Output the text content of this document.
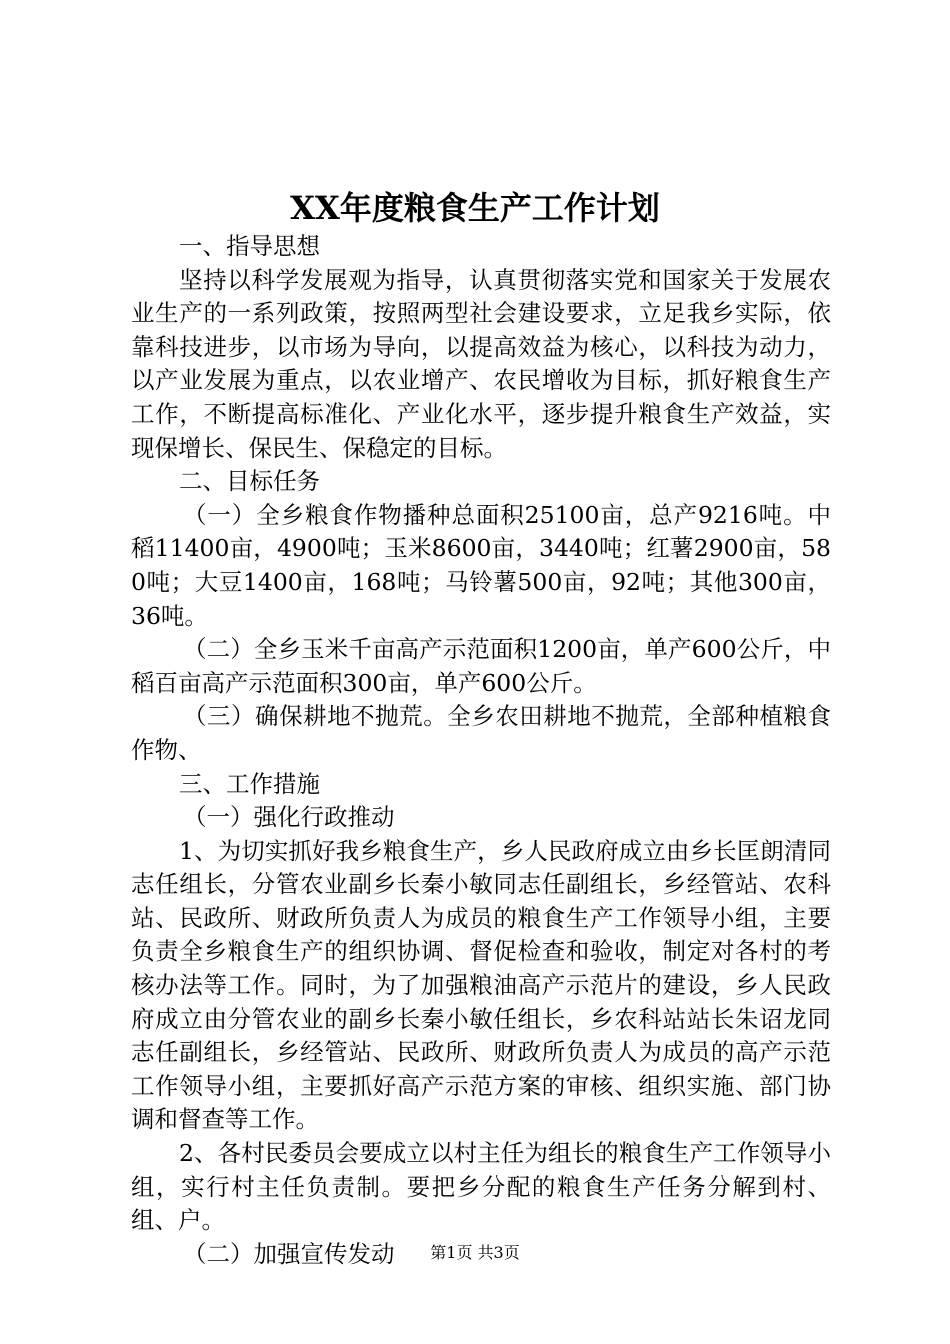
XX年度粮食生产工作计划

一、指导思想

坚持以科学发展观为指导，认真贯彻落实党和国家关于发展农业生产的一系列政策，按照两型社会建设要求，立足我乡实际，依靠科技进步，以市场为导向，以提高效益为核心，以科技为动力，以产业发展为重点，以农业增产、农民增收为目标，抓好粮食生产工作，不断提高标准化、产业化水平，逐步提升粮食生产效益，实现保增长、保民生、保稳定的目标。

二、目标任务

（一）全乡粮食作物播种总面积25100亩，总产9216吨。中稻11400亩，4900吨；玉米8600亩，3440吨；红薯2900亩，580吨；大豆1400亩，168吨；马铃薯500亩，92吨；其他300亩，36吨。

（二）全乡玉米千亩高产示范面积1200亩，单产600公斤，中稻百亩高产示范面积300亩，单产600公斤。

（三）确保耕地不抛荒。全乡农田耕地不抛荒，全部种植粮食作物、

三、工作措施

（一）强化行政推动

1、为切实抓好我乡粮食生产，乡人民政府成立由乡长匡朗清同志任组长，分管农业副乡长秦小敏同志任副组长，乡经管站、农科站、民政所、财政所负责人为成员的粮食生产工作领导小组，主要负责全乡粮食生产的组织协调、督促检查和验收，制定对各村的考核办法等工作。同时，为了加强粮油高产示范片的建设，乡人民政府成立由分管农业的副乡长秦小敏任组长，乡农科站站长朱诏龙同志任副组长，乡经管站、民政所、财政所负责人为成员的高产示范工作领导小组，主要抓好高产示范方案的审核、组织实施、部门协调和督查等工作。

2、各村民委员会要成立以村主任为组长的粮食生产工作领导小组，实行村主任负责制。要把乡分配的粮食生产任务分解到村、组、户。

（二）加强宣传发动	第1页 共3页
